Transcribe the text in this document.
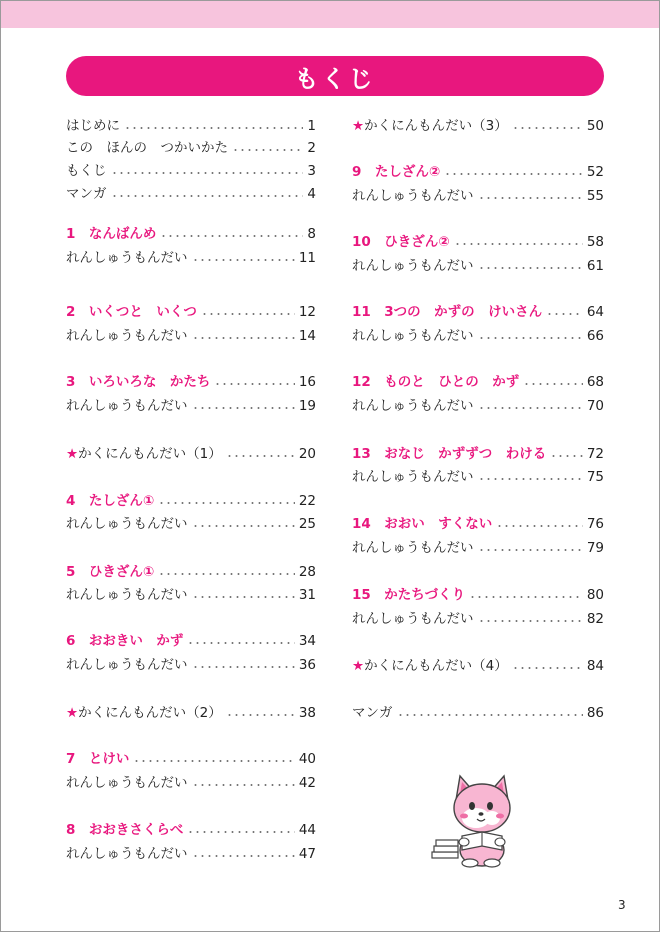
もくじ
はじめに	1
この　ほんの　つかいかた	2
もくじ	3
マンガ	4
1　なんばんめ	8
れんしゅうもんだい	11
2　いくつと　いくつ	12
れんしゅうもんだい	14
3　いろいろな　かたち	16
れんしゅうもんだい	19
★かくにんもんだい（1）	20
4　たしざん①	22
れんしゅうもんだい	25
5　ひきざん①	28
れんしゅうもんだい	31
6　おおきい　かず	34
れんしゅうもんだい	36
★かくにんもんだい（2）	38
7　とけい	40
れんしゅうもんだい	42
8　おおきさくらべ	44
れんしゅうもんだい	47
★かくにんもんだい（3）	50
9　たしざん②	52
れんしゅうもんだい	55
10　ひきざん②	58
れんしゅうもんだい	61
11　3つの　かずの　けいさん	64
れんしゅうもんだい	66
12　ものと　ひとの　かず	68
れんしゅうもんだい	70
13　おなじ　かずずつ　わける	72
れんしゅうもんだい	75
14　おおい　すくない	76
れんしゅうもんだい	79
15　かたちづくり	80
れんしゅうもんだい	82
★かくにんもんだい（4）	84
マンガ	86
3
